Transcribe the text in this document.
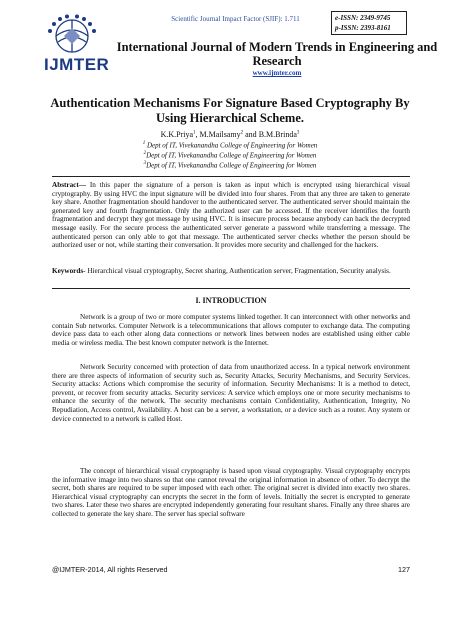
IJMTER
Scientific Journal Impact Factor (SJIF): 1.711	e-ISSN: 2349-9745
p-ISSN: 2393-8161
International Journal of Modern Trends in Engineering and Research
www.ijmter.com
Authentication Mechanisms For Signature Based Cryptography By Using Hierarchical Scheme.
K.K.Priya$^1$, M.Mailsamy$^2$ and B.M.Brinda$^3$
$^1$ Dept of IT, Vivekanandha College of Engineering for Women
$^2$Dept of IT, Vivekanandha College of Engineering for Women
$^3$Dept of IT, Vivekanandha College of Engineering for Women

Abstract— In this paper the signature of a person is taken as input which is encrypted using hierarchical visual cryptography. By using HVC the input signature will be divided into four shares. From that any three are taken to generate key share. Another fragmentation should handover to the authenticated server. The authenticated server should maintain the generated key and fourth fragmentation. Only the authorized user can be accessed. If the receiver identifies the fourth fragmentation and decrypt they got message by using HVC. It is insecure process because anybody can hack the decrypted message easily. For the secure process the authenticated server generate a password while transferring a message. The authenticated person can only able to got that message. The authenticated server checks whether the person should be authorized user or not, while starting their conversation. It provides more security and challenged for the hackers.

Keywords- Hierarchical visual cryptography, Secret sharing, Authentication server, Fragmentation, Security analysis.

I. INTRODUCTION

Network is a group of two or more computer systems linked together. It can interconnect with other networks and contain Sub networks. Computer Network is a telecommunications that allows computer to exchange data. The computing device pass data to each other along data connections or network lines between nodes are established using either cable media or wireless media. The best known computer network is the Internet.

Network Security concerned with protection of data from unauthorized access. In a typical network environment there are three aspects of information of security such as, Security Attacks, Security Mechanisms, and Security Services. Security attacks: Actions which compromise the security of information. Security Mechanisms: It is a method to detect, prevent, or recover from security attacks. Security services: A service which employs one or more security mechanisms to enhance the security of the network. The security mechanisms contain Confidentiality, Authentication, Integrity, No Repudiation, Access control, Availability. A host can be a server, a workstation, or a device such as a router. Any system or device connected to a network is called Host.

The concept of hierarchical visual cryptography is based upon visual cryptography. Visual cryptography encrypts the informative image into two shares so that one cannot reveal the original information in absence of other. To decrypt the secret, both shares are required to be super imposed with each other. The original secret is divided into exactly two shares. Hierarchical visual cryptography can encrypts the secret in the form of levels. Initially the secret is encrypted to generate two shares. Later these two shares are encrypted independently generating four resultant shares. Finally any three shares are collected to generate the key share. The server has special software

@IJMTER-2014, All rights Reserved	127
